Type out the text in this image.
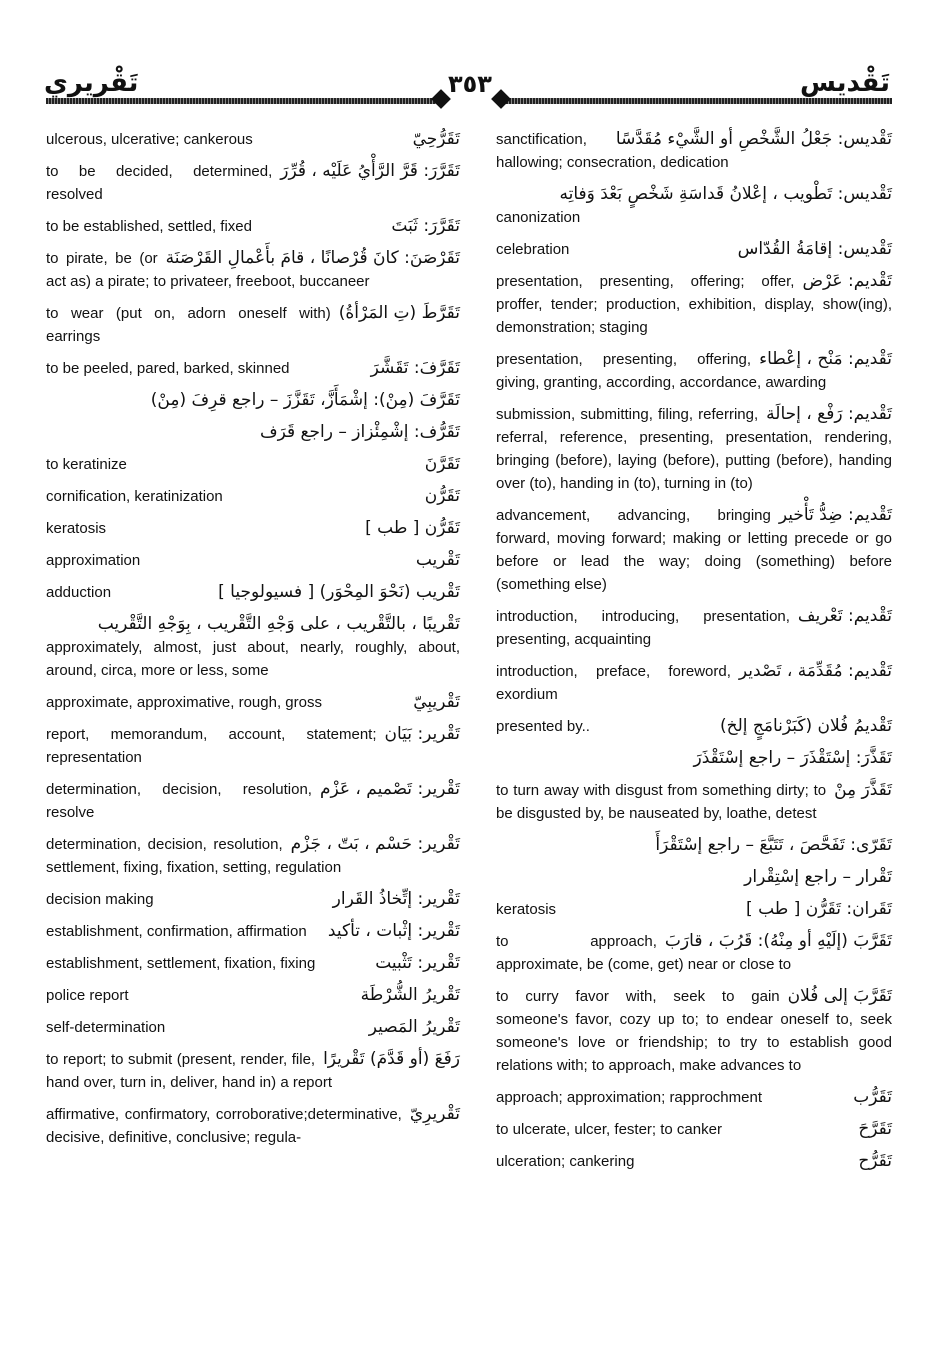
تَقْريري	٣٥٣	تَقْديس
تَقَرُّحِيّ
ulcerous, ulcerative; cankerous
تَقَرَّرَ: قَرَّ الرَّأْيُ عَلَيْه ، قُرِّرَ
to be decided, determined, resolved
تَقَرَّرَ: ثَبَتَ
to be established, settled, fixed
تَقَرْصَنَ: كانَ قُرْصانًا ، قامَ بأَعْمالِ القَرْصَنَة
to pirate, be (or act as) a pirate; to privateer, freeboot, buccaneer
تَقَرَّطَ (تِ المَرْأةُ)
to wear (put on, adorn oneself with) earrings
تَقَرَّفَ: تَقَشَّرَ
to be peeled, pared, barked, skinned
تَقَرَّفَ (مِنْ): إشْمَأَزَّ، تَقَزَّزَ – راجع قرِفَ (مِنْ)
تَقَرُّف: إشْمِئْزاز – راجع قَرَف
تَقَرَّنَ
to keratinize
تَقَرُّن
cornification, keratinization
تَقَرُّن [ طب ]
keratosis
تَقْريب
approximation
تَقْريب (نَحْوَ المِحْوَر) [ فسيولوجيا ]
adduction
تَقْريبًا ، بالتَّقْريب ، على وَجْهِ التَّقْريب ، بِوَجْهِ التَّقْريب
approximately, almost, just about, nearly, roughly, about, around, circa, more or less, some
تَقْريبِيّ
approximate, approximative, rough, gross
تَقْرير: بَيَان
report, memorandum, account, statement; representation
تَقْرير: تَصْميم ، عَزْم
determination, decision, resolution, resolve
تَقْرير: حَسْم ، بَتّ ، جَزْم
determination, decision, resolution, settlement, fixing, fixation, setting, regulation
تَقْرير: إتِّخاذُ القَرار
decision making
تَقْرير: إثْبات ، تأكيد
establishment, confirmation, affirmation
تَقْرير: تَثْبيت
establishment, settlement, fixation, fixing
تَقْريرُ الشُّرْطَة
police report
تَقْريرُ المَصير
self-determination
رَفَعَ (أو قَدَّمَ) تَقْريرًا
to report; to submit (present, render, file, hand over, turn in, deliver, hand in) a report
تَقْريرِيّ
affirmative, confirmatory, corroborative;determinative, decisive, definitive, conclusive; regula-
تَقْديس: جَعْلُ الشَّخْصِ أو الشَّيْء مُقَدَّسًا
sanctification, hallowing; consecration, dedication
تَقْديس: تَطْويب ، إعْلانُ قَداسَةِ شَخْصٍ بَعْدَ وَفاتِه
canonization
تَقْديس: إقامَةُ القُدّاس
celebration
تَقْديم: عَرْض
presentation, presenting, offering; offer, proffer, tender; production, exhibition, display, show(ing), demonstration; staging
تَقْديم: مَنْح ، إعْطاء
presentation, presenting, offering, giving, granting, according, accordance, awarding
تَقْديم: رَفْع ، إحالَة
submission, submitting, filing, referring, referral, reference, presenting, presentation, rendering, bringing (before), laying (before), putting (before), handing over (to), handing in (to), turning in (to)
تَقْديم: ضِدُّ تَأْخير
advancement, advancing, bringing forward, moving forward; making or letting precede or go before or lead the way; doing (something) before (something else)
تَقْديم: تَعْريف
introduction, introducing, presentation, presenting, acquainting
تَقْديم: مُقَدِّمَة ، تَصْدير
introduction, preface, foreword, exordium
تَقْديمُ فُلان (كَبَرْنامَجٍ إلخ)
presented by..
تَقَذَّرَ: إسْتَقْذَرَ – راجع إسْتَقْذَرَ
تَقَذَّرَ مِنْ
to turn away with disgust from something dirty; to be disgusted by, be nauseated by, loathe, detest
تَقَرّى: تَفَحَّصَ ، تَتَبَّعَ – راجع إسْتَقْرَأَ
تَقْرار – راجع إسْتِقْرار
تَقَران: تَقَرُّن [ طب ]
keratosis
تَقَرَّبَ (إلَيْهِ أو مِنْهُ): قَرُبَ ، قارَبَ
to approach, approximate, be (come, get) near or close to
تَقَرَّبَ إلى فُلان
to curry favor with, seek to gain someone's favor, cozy up to; to endear oneself to, seek someone's love or friendship; to try to establish good relations with; to approach, make advances to
تَقَرُّب
approach; approximation; rapprochment
تَقَرَّحَ
to ulcerate, ulcer, fester; to canker
تَقَرُّح
ulceration; cankering
